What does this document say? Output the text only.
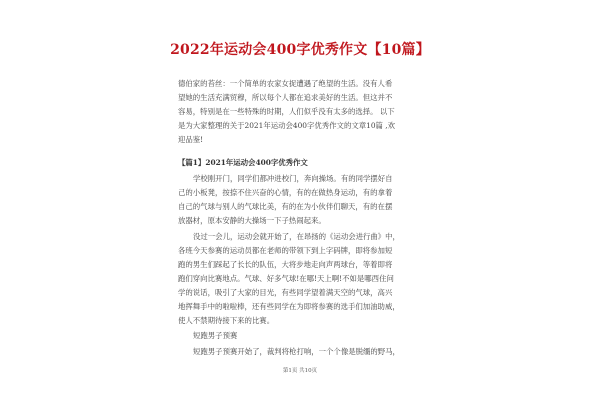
2022年运动会400字优秀作文【10篇】
德伯家的苔丝：一个简单的农家女捉遭遇了绝望的生活。没有人希
望她的生活充满贸穆，所以每个人都在追求美好的生活。但这并不
容易，特别是在一些特殊的时期，人们似乎没有太多的选择。 以下
是为大家整理的关于2021年运动会400字优秀作文的文章10篇 ,欢
迎品鉴!
【篇1】2021年运动会400字优秀作文
学校刚开门，同学们都冲进校门，奔向操场。有的同学摆好自
己的小板凳，按捺不住兴奋的心情，有的在做热身运动，有的拿着
自己的气球与别人的气球比美，有的在为小伙伴们聊天，有的在摆
放器材，原本安静的大操场一下子热闹起来。
没过一会儿，运动会就开始了，在昂扬的《运动会进行曲》中，
各班今天参赛的运动员都在老师的带领下到上字码牌，即将参加短
跑的男生们踩起了长长的队伍，大将步地走向声两球台，等着即将
跑们穿向比赛地点。气球、好多气球!在哪!天上啊!不如是哪西住问
学的说话，吸引了大家的目光，有些同学望着满天空的气球，高兴
地挥舞手中的啦啦棒，还有些同学在为即将参赛的选手们加油助威，
使人不禁期待接下来的比赛。
短跑男子预赛
短跑男子预赛开始了，裁判将枪打响，一个个像是脱缰的野马，
第1页 共10页
